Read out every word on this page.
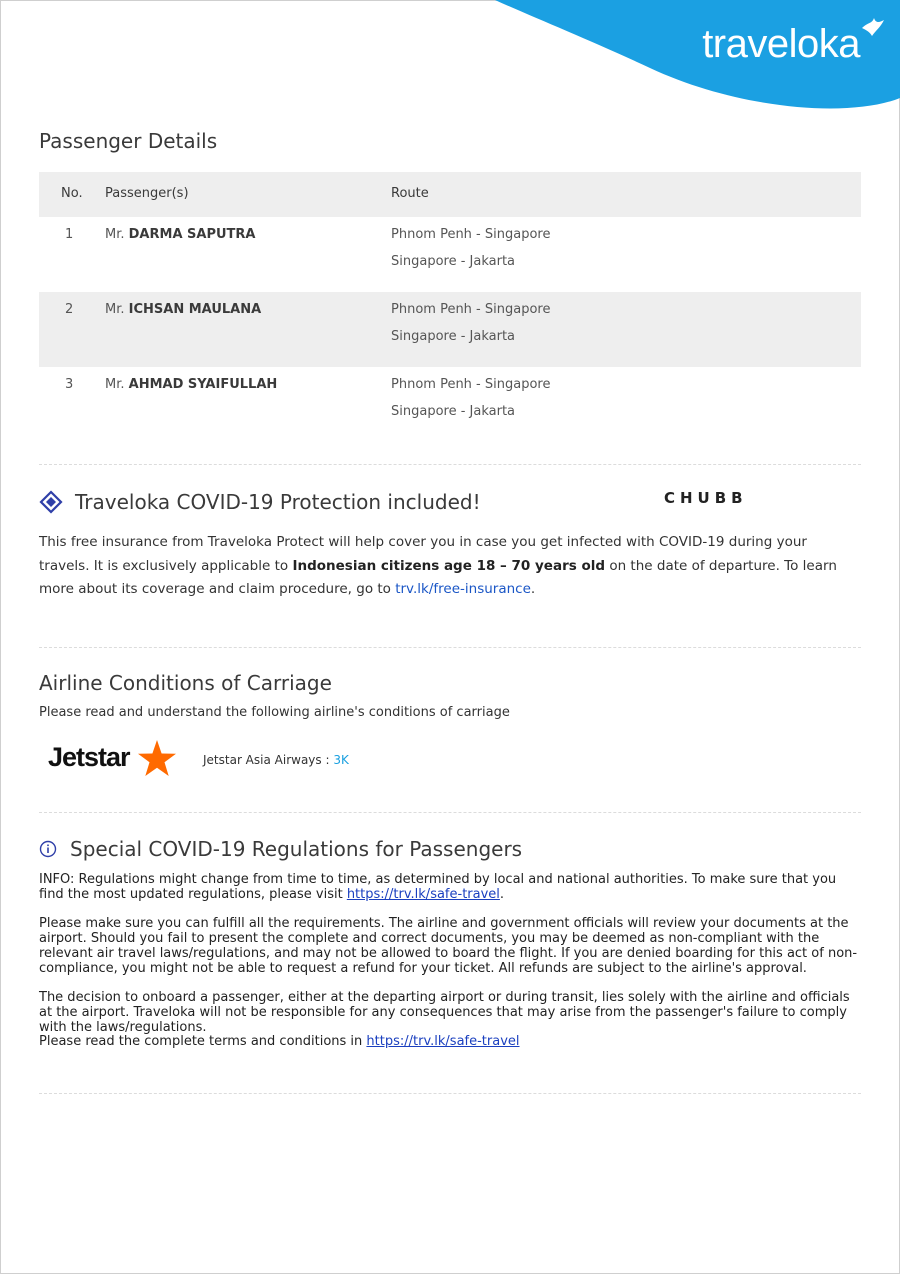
traveloka
Passenger Details
No. Passenger(s)	Route
1 Mr. DARMA SAPUTRA	Phnom Penh - Singapore
Singapore - Jakarta
2 Mr. ICHSAN MAULANA	Phnom Penh - Singapore
Singapore - Jakarta
3 Mr. AHMAD SYAIFULLAH	Phnom Penh - Singapore
Singapore - Jakarta
Traveloka COVID-19 Protection included!	CHUBB
This free insurance from Traveloka Protect will help cover you in case you get infected with COVID-19 during your travels. It is exclusively applicable to Indonesian citizens age 18 – 70 years old on the date of departure. To learn more about its coverage and claim procedure, go to trv.lk/free-insurance.
Airline Conditions of Carriage
Please read and understand the following airline's conditions of carriage
Jetstar	Jetstar Asia Airways : 3K
Special COVID-19 Regulations for Passengers
INFO: Regulations might change from time to time, as determined by local and national authorities. To make sure that you find the most updated regulations, please visit https://trv.lk/safe-travel.
Please make sure you can fulfill all the requirements. The airline and government officials will review your documents at the airport. Should you fail to present the complete and correct documents, you may be deemed as non-compliant with the relevant air travel laws/regulations, and may not be allowed to board the flight. If you are denied boarding for this act of non-compliance, you might not be able to request a refund for your ticket. All refunds are subject to the airline's approval.
The decision to onboard a passenger, either at the departing airport or during transit, lies solely with the airline and officials at the airport. Traveloka will not be responsible for any consequences that may arise from the passenger's failure to comply with the laws/regulations.
Please read the complete terms and conditions in https://trv.lk/safe-travel
